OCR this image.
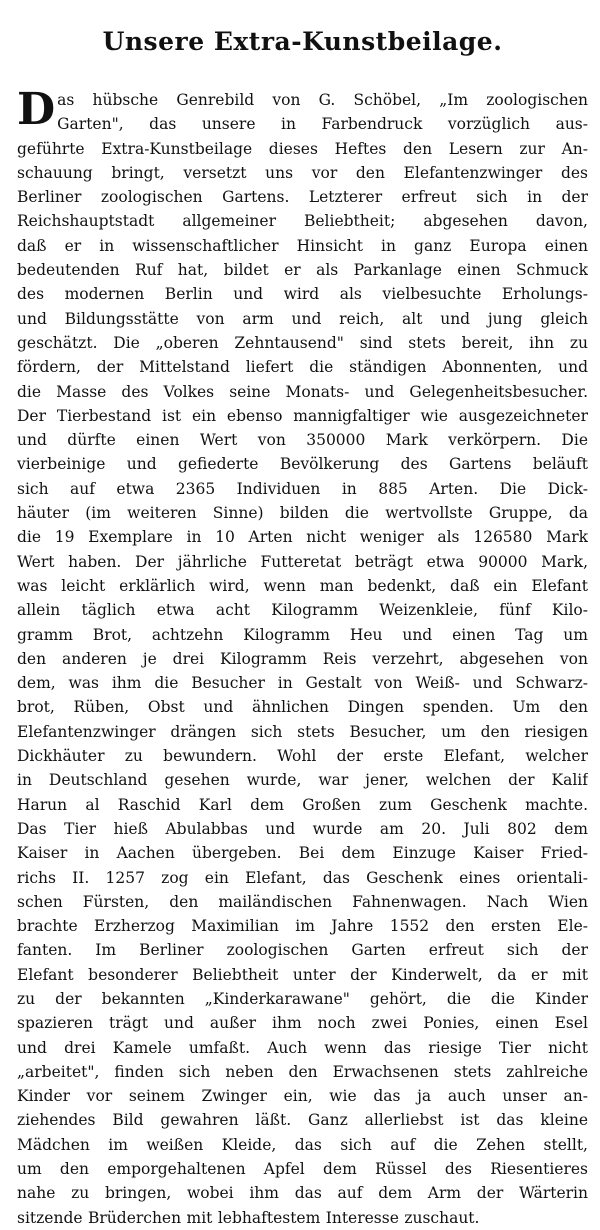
Unsere Extra-Kunstbeilage.
D as hübsche Genrebild von G. Schöbel, „Im zoologischen
Garten", das unsere in Farbendruck vorzüglich aus-
geführte Extra-Kunstbeilage dieses Heftes den Lesern zur An-
schauung bringt, versetzt uns vor den Elefantenzwinger des
Berliner zoologischen Gartens. Letzterer erfreut sich in der
Reichshauptstadt allgemeiner Beliebtheit; abgesehen davon,
daß er in wissenschaftlicher Hinsicht in ganz Europa einen
bedeutenden Ruf hat, bildet er als Parkanlage einen Schmuck
des modernen Berlin und wird als vielbesuchte Erholungs-
und Bildungsstätte von arm und reich, alt und jung gleich
geschätzt. Die „oberen Zehntausend" sind stets bereit, ihn zu
fördern, der Mittelstand liefert die ständigen Abonnenten, und
die Masse des Volkes seine Monats- und Gelegenheitsbesucher.
Der Tierbestand ist ein ebenso mannigfaltiger wie ausgezeichneter
und dürfte einen Wert von 350000 Mark verkörpern. Die
vierbeinige und gefiederte Bevölkerung des Gartens beläuft
sich auf etwa 2365 Individuen in 885 Arten. Die Dick-
häuter (im weiteren Sinne) bilden die wertvollste Gruppe, da
die 19 Exemplare in 10 Arten nicht weniger als 126580 Mark
Wert haben. Der jährliche Futteretat beträgt etwa 90000 Mark,
was leicht erklärlich wird, wenn man bedenkt, daß ein Elefant
allein täglich etwa acht Kilogramm Weizenkleie, fünf Kilo-
gramm Brot, achtzehn Kilogramm Heu und einen Tag um
den anderen je drei Kilogramm Reis verzehrt, abgesehen von
dem, was ihm die Besucher in Gestalt von Weiß- und Schwarz-
brot, Rüben, Obst und ähnlichen Dingen spenden. Um den
Elefantenzwinger drängen sich stets Besucher, um den riesigen
Dickhäuter zu bewundern. Wohl der erste Elefant, welcher
in Deutschland gesehen wurde, war jener, welchen der Kalif
Harun al Raschid Karl dem Großen zum Geschenk machte.
Das Tier hieß Abulabbas und wurde am 20. Juli 802 dem
Kaiser in Aachen übergeben. Bei dem Einzuge Kaiser Fried-
richs II. 1257 zog ein Elefant, das Geschenk eines orientali-
schen Fürsten, den mailändischen Fahnenwagen. Nach Wien
brachte Erzherzog Maximilian im Jahre 1552 den ersten Ele-
fanten. Im Berliner zoologischen Garten erfreut sich der
Elefant besonderer Beliebtheit unter der Kinderwelt, da er mit
zu der bekannten „Kinderkarawane" gehört, die die Kinder
spazieren trägt und außer ihm noch zwei Ponies, einen Esel
und drei Kamele umfaßt. Auch wenn das riesige Tier nicht
„arbeitet", finden sich neben den Erwachsenen stets zahlreiche
Kinder vor seinem Zwinger ein, wie das ja auch unser an-
ziehendes Bild gewahren läßt. Ganz allerliebst ist das kleine
Mädchen im weißen Kleide, das sich auf die Zehen stellt,
um den emporgehaltenen Apfel dem Rüssel des Riesentieres
nahe zu bringen, wobei ihm das auf dem Arm der Wärterin
sitzende Brüderchen mit lebhaftestem Interesse zuschaut.
